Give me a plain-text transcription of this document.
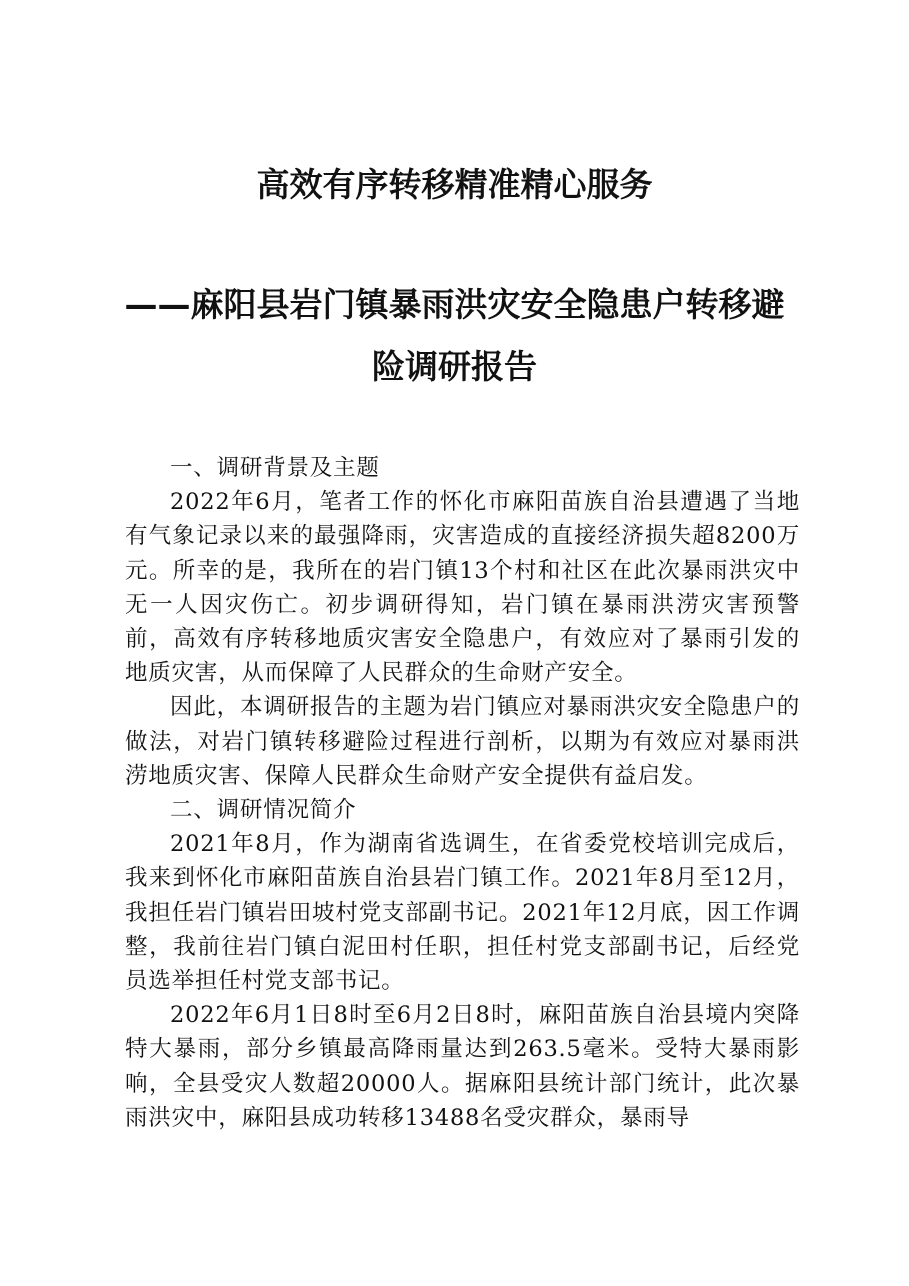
高效有序转移精准精心服务
——麻阳县岩门镇暴雨洪灾安全隐患户转移避
险调研报告

一、调研背景及主题

2022年6月，笔者工作的怀化市麻阳苗族自治县遭遇了当地有气象记录以来的最强降雨，灾害造成的直接经济损失超8200万元。所幸的是，我所在的岩门镇13个村和社区在此次暴雨洪灾中无一人因灾伤亡。初步调研得知，岩门镇在暴雨洪涝灾害预警前，高效有序转移地质灾害安全隐患户，有效应对了暴雨引发的地质灾害，从而保障了人民群众的生命财产安全。

因此，本调研报告的主题为岩门镇应对暴雨洪灾安全隐患户的做法，对岩门镇转移避险过程进行剖析，以期为有效应对暴雨洪涝地质灾害、保障人民群众生命财产安全提供有益启发。

二、调研情况简介

2021年8月，作为湖南省选调生，在省委党校培训完成后，我来到怀化市麻阳苗族自治县岩门镇工作。2021年8月至12月，我担任岩门镇岩田坡村党支部副书记。2021年12月底，因工作调整，我前往岩门镇白泥田村任职，担任村党支部副书记，后经党员选举担任村党支部书记。

2022年6月1日8时至6月2日8时，麻阳苗族自治县境内突降特大暴雨，部分乡镇最高降雨量达到263.5毫米。受特大暴雨影响，全县受灾人数超20000人。据麻阳县统计部门统计，此次暴雨洪灾中，麻阳县成功转移13488名受灾群众，暴雨导
